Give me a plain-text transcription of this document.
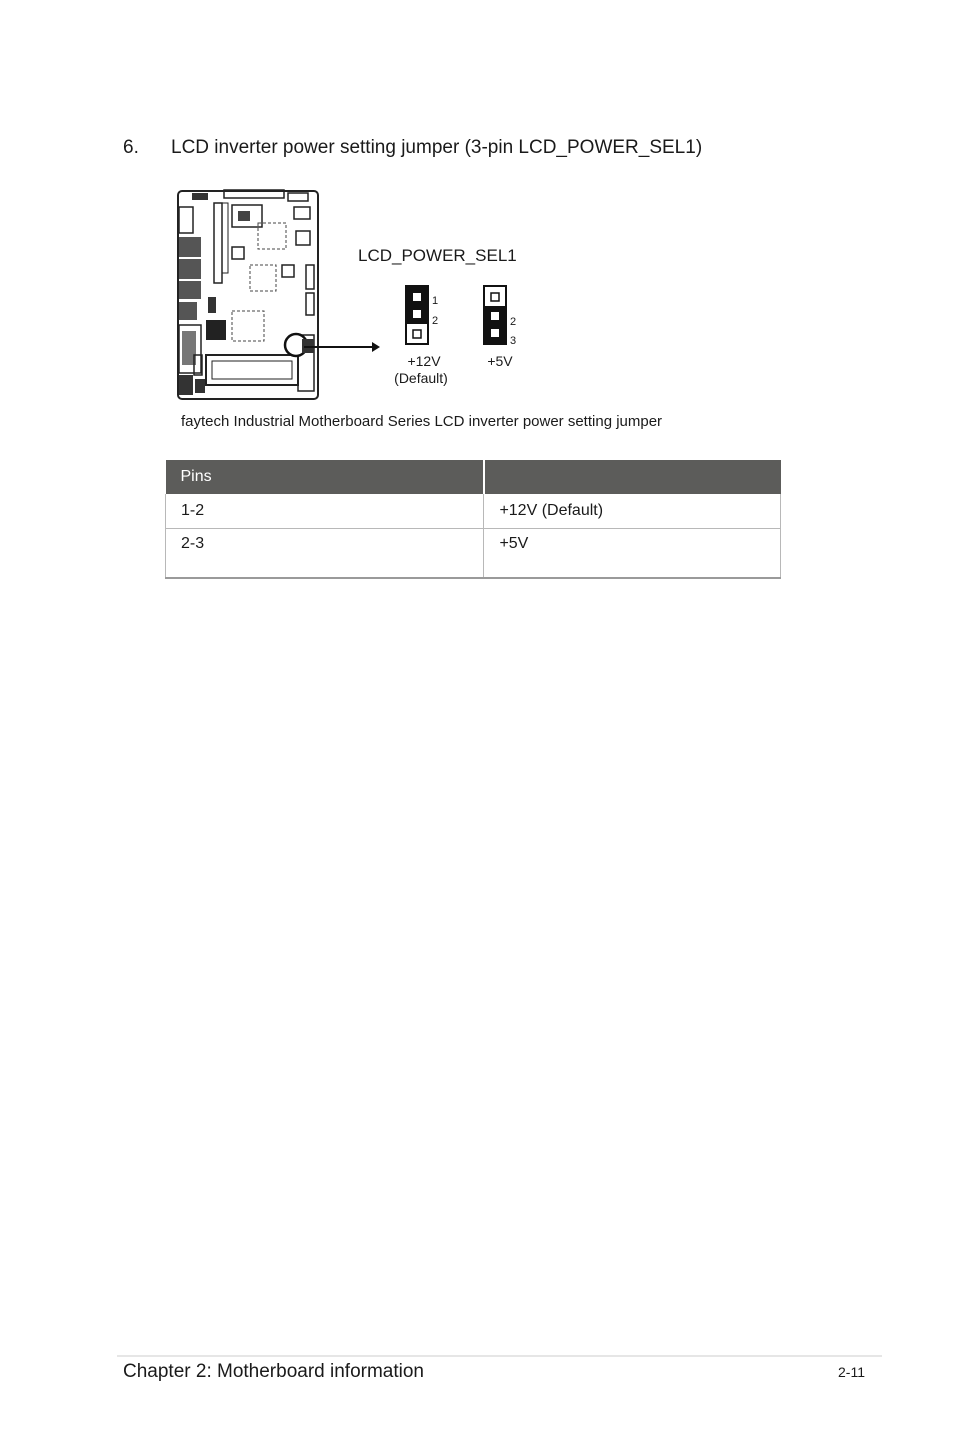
6. LCD inverter power setting jumper (3-pin LCD_POWER_SEL1)
LCD_POWER_SEL1
1
2	2
3
+12V
(Default)
+5V
faytech Industrial Motherboard Series LCD inverter power setting jumper
Pins	
1-2	+12V (Default)
2-3	+5V
Chapter 2: Motherboard information	2-11
